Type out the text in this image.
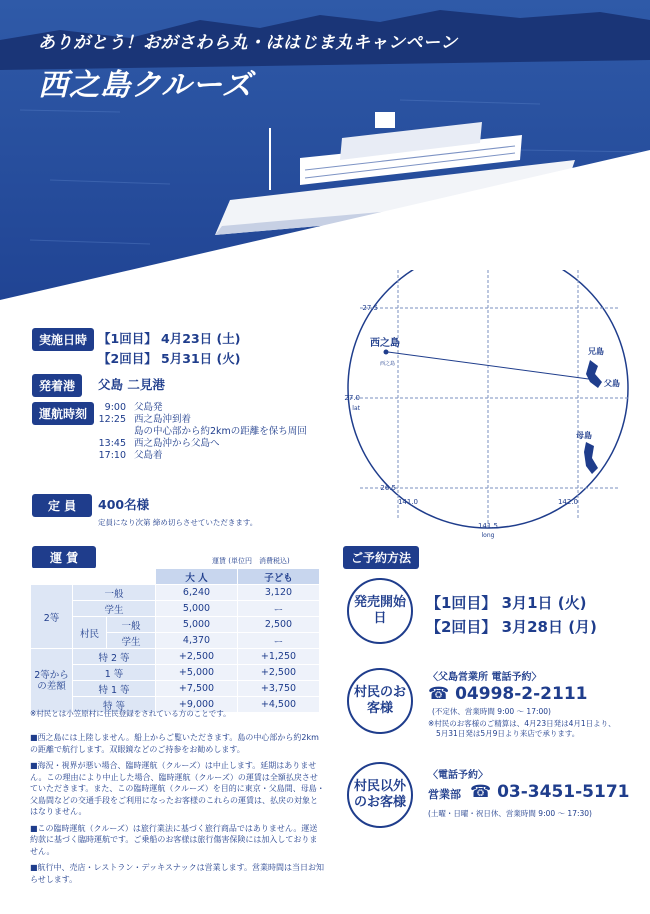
ありがとう！おがさわら丸・ははじま丸キャンペーン
西之島クルーズ
写真：おがさわら丸
27.5
27.0
lat
26.5
141.0
141.5
long
142.0
西之島
西之島
兄島
父島
母島
実施日時 【1回目】 4月23日 (土)
【2回目】 5月31日 (火)
発着港	父島 二見港
運航時刻	9:00 父島発
12:25 西之島沖到着
島の中心部から約2kmの距離を保ち周回
13:45 西之島沖から父島へ
17:10 父島着
定 員	400名様
定員になり次第 締め切らさせていただきます。
運 賃	運賃 (単位円　消費税込)
			大 人	子ども
2等	一般		6,240	3,120
	学生		5,000	ー
	村民	一般	5,000	2,500
		学生	4,370	ー
2等からの差額	特 2 等		+2,500	+1,250
	1 等		+5,000	+2,500
	特 1 等		+7,500	+3,750
	特 等		+9,000	+4,500
※村民とは小笠原村に住民登録をされている方のことです。

■西之島には上陸しません。船上からご覧いただきます。島の中心部から約2kmの距離で航行します。双眼鏡などのご持参をお勧めします。

■海況・視界が悪い場合、臨時運航（クルーズ）は中止します。延期はありません。この理由により中止した場合、臨時運航（クルーズ）の運賃は全額払戻させていただきます。また、この臨時運航（クルーズ）を目的に東京・父島間、母島・父島間などの交通手段をご利用になったお客様のこれらの運賃は、払戻の対象とはなりません。

■この臨時運航（クルーズ）は旅行業法に基づく旅行商品ではありません。運送約款に基づく臨時運航です。ご乗船のお客様は旅行傷害保険には加入しておりません。

■航行中、売店・レストラン・デッキスナックは営業します。営業時間は当日お知らせします。

ご予約方法
発売開始日
【1回目】 3月1日 (火)
【2回目】 3月28日 (月)
村民のお客様
〈父島営業所 電話予約〉
☎ 04998-2-2111
(不定休、営業時間 9:00 ～ 17:00)
※村民のお客様のご精算は、4月23日発は4月1日より、
5月31日発は5月9日より来店で承ります。
村民以外のお客様
〈電話予約〉
営業部 ☎ 03-3451-5171
(土曜・日曜・祝日休、営業時間 9:00 ～ 17:30)
